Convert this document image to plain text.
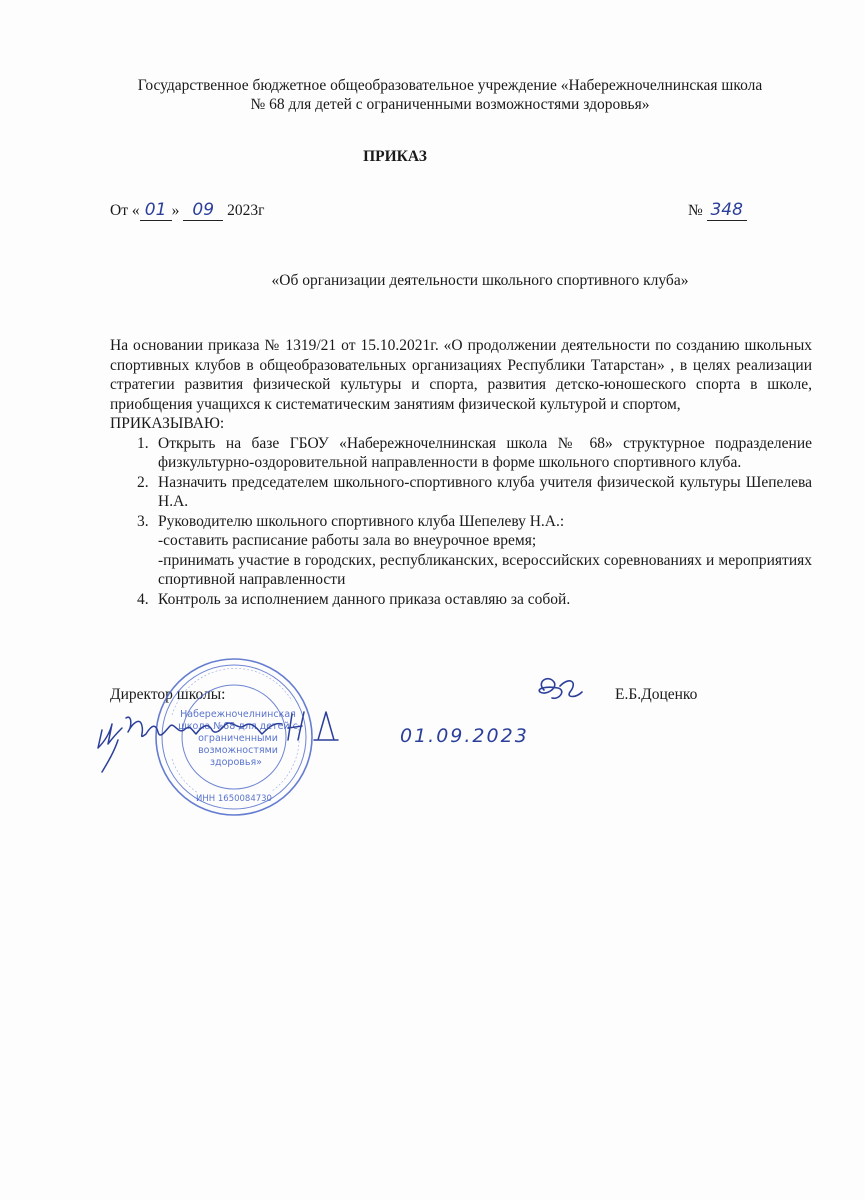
Государственное бюджетное общеобразовательное учреждение «Набережночелнинская школа
№ 68 для детей с ограниченными возможностями здоровья»
ПРИКАЗ
От « 01 » 09 2023г	№ 348
«Об организации деятельности школьного спортивного клуба»

На основании приказа № 1319/21 от 15.10.2021г. «О продолжении деятельности по созданию школьных спортивных клубов в общеобразовательных организациях Республики Татарстан» , в целях реализации стратегии развития физической культуры и спорта, развития детско-юношеского спорта в школе, приобщения учащихся к систематическим занятиям физической культурой и спортом,

ПРИКАЗЫВАЮ:

1. Открыть на базе ГБОУ «Набережночелнинская школа № 68» структурное подразделение физкультурно-оздоровительной направленности в форме школьного спортивного клуба.
2. Назначить председателем школьного-спортивного клуба учителя физической культуры Шепелева Н.А.
3. Руководителю школьного спортивного клуба Шепелеву Н.А.:
-составить расписание работы зала во внеурочное время;
-принимать участие в городских, республиканских, всероссийских соревнованиях и мероприятиях спортивной направленности
4. Контроль за исполнением данного приказа оставляю за собой.
Директор школы:	Е.Б.Доценко
Набережночелнинская
школа №68 для детей с
ограниченными
возможностями
здоровья»
ИНН 1650084730
01.09.2023
